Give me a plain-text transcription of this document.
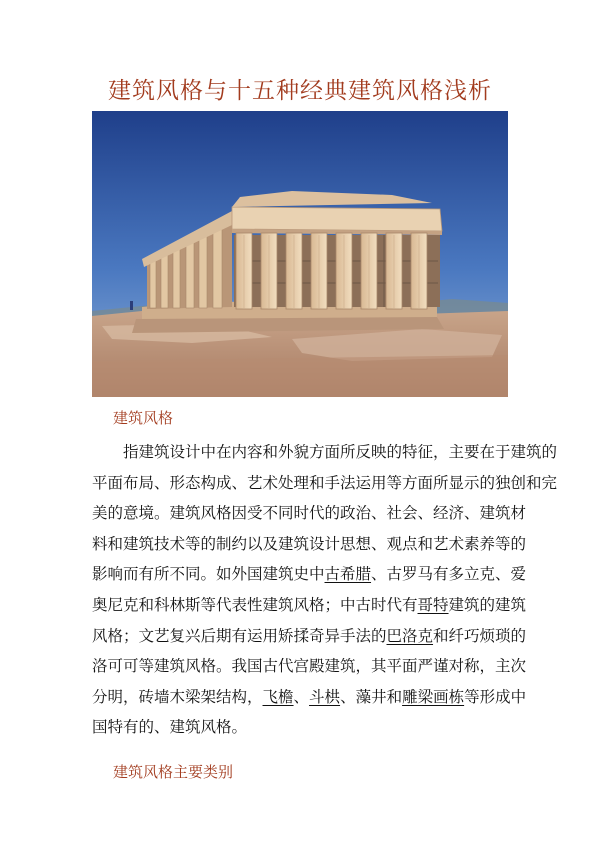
建筑风格与十五种经典建筑风格浅析
建筑风格
指建筑设计中在内容和外貌方面所反映的特征，主要在于建筑的
平面布局、形态构成、艺术处理和手法运用等方面所显示的独创和完
美的意境。建筑风格因受不同时代的政治、社会、经济、建筑材
料和建筑技术等的制约以及建筑设计思想、观点和艺术素养等的
影响而有所不同。如外国建筑史中古希腊、古罗马有多立克、爱
奥尼克和科林斯等代表性建筑风格；中古时代有哥特建筑的建筑
风格；文艺复兴后期有运用矫揉奇异手法的巴洛克和纤巧烦琐的
洛可可等建筑风格。我国古代宫殿建筑，其平面严谨对称，主次
分明，砖墙木梁架结构，飞檐、斗栱、藻井和雕梁画栋等形成中
国特有的、建筑风格。
建筑风格主要类别
